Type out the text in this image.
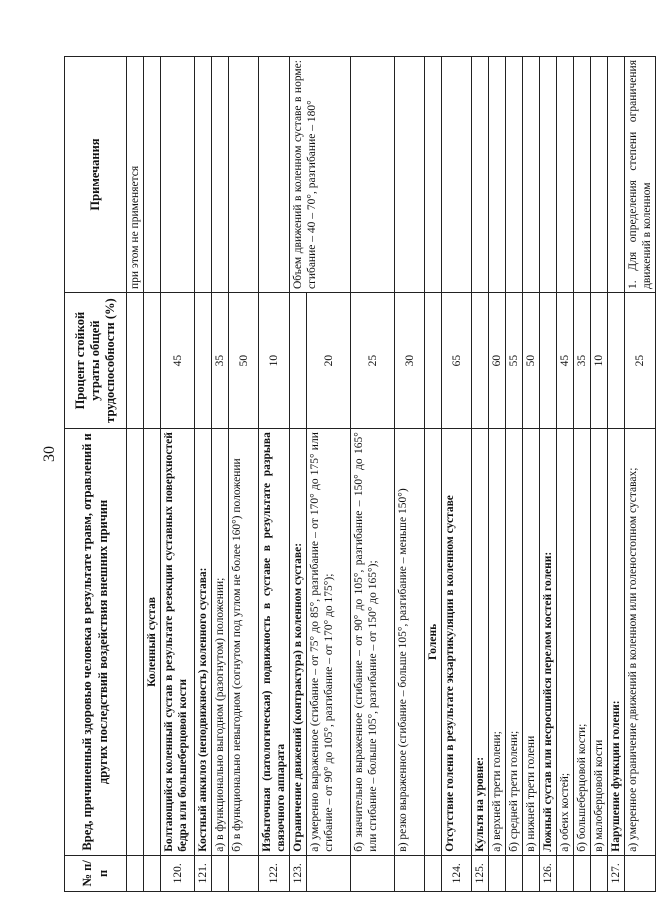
30
№ п/п	Вред, причиненный здоровью человека в результате травм, отравлений и других последствий воздействия внешних причин	Процент стойкой утраты общей трудоспособности (%)	Примечания
			при этом не применяется
	Коленный сустав		
120.	Болтающийся коленный сустав в результате резекции суставных поверхностей бедра или большеберцовой кости	45	
121.	Костный анкилоз (неподвижность) коленного сустава:		
	а) в функционально выгодном (разогнутом) положении;	35	
	б) в функционально невыгодном (согнутом под углом не более 160°) положении	50	
122.	Избыточная (патологическая) подвижность в суставе в результате разрыва связочного аппарата	10	
123.	Ограничение движений (контрактура) в коленном суставе:		Объем движений в коленном суставе в норме: сгибание – 40 – 70°, разгибание – 180°
	а) умеренно выраженное (сгибание – от 75° до 85°, разгибание – от 170° до 175° или сгибание – от 90° до 105°, разгибание – от 170° до 175°);	20	
	б) значительно выраженное (сгибание – от 90° до 105°, разгибание – 150° до 165° или сгибание – больше 105°, разгибание – от 150° до 165°);	25	
	в) резко выраженное (сгибание – больше 105°, разгибание – меньше 150°)	30	
	Голень		
124.	Отсутствие голени в результате экзартикуляции в коленном суставе	65	
125.	Культя на уровне:		
	а) верхней трети голени;	60	
	б) средней трети голени;	55	
	в) нижней трети голени	50	
126.	Ложный сустав или несросшийся перелом костей голени:		
	а) обеих костей;	45	
	б) большеберцовой кости;	35	
	в) малоберцовой кости	10	
127.	Нарушение функции голени:		
	а) умеренное ограничение движений в коленном или голеностопном суставах;	25	1. Для определения степени ограничения движений в коленном
